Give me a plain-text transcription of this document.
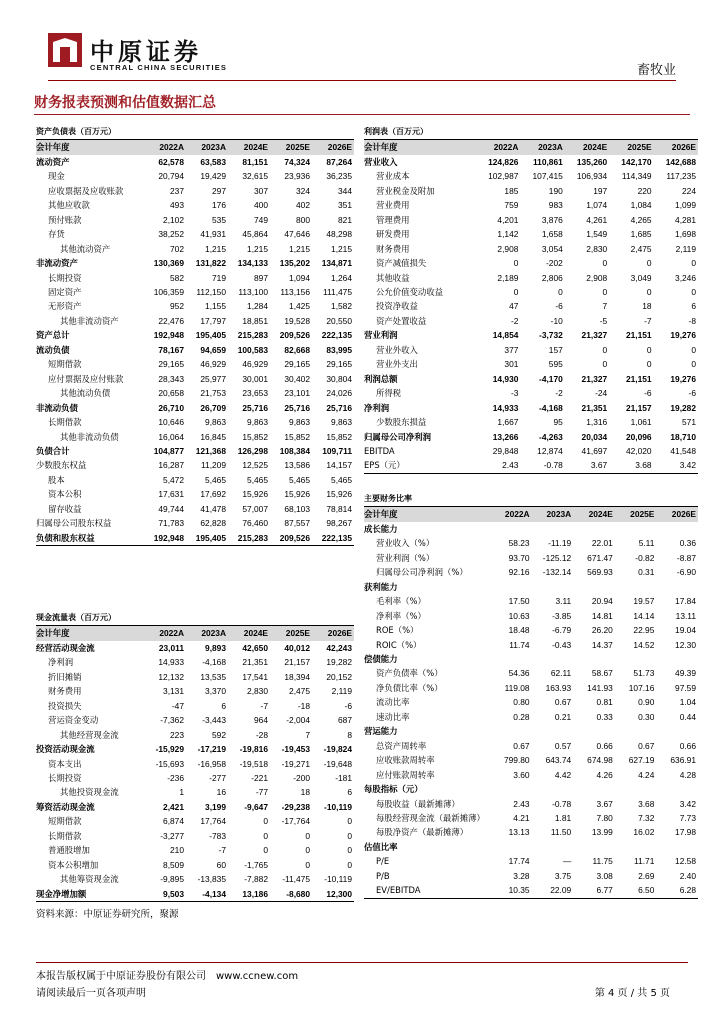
中原证券
CENTRAL CHINA SECURITIES	畜牧业
财务报表预测和估值数据汇总
资产负债表（百万元）					
会计年度	2022A	2023A	2024E	2025E	2026E
流动资产	62,578	63,583	81,151	74,324	87,264
现金	20,794	19,429	32,615	23,936	36,235
应收票据及应收账款	237	297	307	324	344
其他应收款	493	176	400	402	351
预付账款	2,102	535	749	800	821
存货	38,252	41,931	45,864	47,646	48,298
其他流动资产	702	1,215	1,215	1,215	1,215
非流动资产	130,369	131,822	134,133	135,202	134,871
长期投资	582	719	897	1,094	1,264
固定资产	106,359	112,150	113,100	113,156	111,475
无形资产	952	1,155	1,284	1,425	1,582
其他非流动资产	22,476	17,797	18,851	19,528	20,550
资产总计	192,948	195,405	215,283	209,526	222,135
流动负债	78,167	94,659	100,583	82,668	83,995
短期借款	29,165	46,929	46,929	29,165	29,165
应付票据及应付账款	28,343	25,977	30,001	30,402	30,804
其他流动负债	20,658	21,753	23,653	23,101	24,026
非流动负债	26,710	26,709	25,716	25,716	25,716
长期借款	10,646	9,863	9,863	9,863	9,863
其他非流动负债	16,064	16,845	15,852	15,852	15,852
负债合计	104,877	121,368	126,298	108,384	109,711
少数股东权益	16,287	11,209	12,525	13,586	14,157
股本	5,472	5,465	5,465	5,465	5,465
资本公积	17,631	17,692	15,926	15,926	15,926
留存收益	49,744	41,478	57,007	68,103	78,814
归属母公司股东权益	71,783	62,828	76,460	87,557	98,267
负债和股东权益	192,948	195,405	215,283	209,526	222,135
现金流量表（百万元）					
会计年度	2022A	2023A	2024E	2025E	2026E
经营活动现金流	23,011	9,893	42,650	40,012	42,243
净利润	14,933	-4,168	21,351	21,157	19,282
折旧摊销	12,132	13,535	17,541	18,394	20,152
财务费用	3,131	3,370	2,830	2,475	2,119
投资损失	-47	6	-7	-18	-6
营运资金变动	-7,362	-3,443	964	-2,004	687
其他经营现金流	223	592	-28	7	8
投资活动现金流	-15,929	-17,219	-19,816	-19,453	-19,824
资本支出	-15,693	-16,958	-19,518	-19,271	-19,648
长期投资	-236	-277	-221	-200	-181
其他投资现金流	1	16	-77	18	6
筹资活动现金流	2,421	3,199	-9,647	-29,238	-10,119
短期借款	6,874	17,764	0	-17,764	0
长期借款	-3,277	-783	0	0	0
普通股增加	210	-7	0	0	0
资本公积增加	8,509	60	-1,765	0	0
其他筹资现金流	-9,895	-13,835	-7,882	-11,475	-10,119
现金净增加额	9,503	-4,134	13,186	-8,680	12,300
利润表（百万元）					
会计年度	2022A	2023A	2024E	2025E	2026E
营业收入	124,826	110,861	135,260	142,170	142,688
营业成本	102,987	107,415	106,934	114,349	117,235
营业税金及附加	185	190	197	220	224
营业费用	759	983	1,074	1,084	1,099
管理费用	4,201	3,876	4,261	4,265	4,281
研发费用	1,142	1,658	1,549	1,685	1,698
财务费用	2,908	3,054	2,830	2,475	2,119
资产减值损失	0	-202	0	0	0
其他收益	2,189	2,806	2,908	3,049	3,246
公允价值变动收益	0	0	0	0	0
投资净收益	47	-6	7	18	6
资产处置收益	-2	-10	-5	-7	-8
营业利润	14,854	-3,732	21,327	21,151	19,276
营业外收入	377	157	0	0	0
营业外支出	301	595	0	0	0
利润总额	14,930	-4,170	21,327	21,151	19,276
所得税	-3	-2	-24	-6	-6
净利润	14,933	-4,168	21,351	21,157	19,282
少数股东损益	1,667	95	1,316	1,061	571
归属母公司净利润	13,266	-4,263	20,034	20,096	18,710
EBITDA	29,848	12,874	41,697	42,020	41,548
EPS（元）	2.43	-0.78	3.67	3.68	3.42
主要财务比率					
会计年度	2022A	2023A	2024E	2025E	2026E
成长能力					
营业收入（%）	58.23	-11.19	22.01	5.11	0.36
营业利润（%）	93.70	-125.12	671.47	-0.82	-8.87
归属母公司净利润（%）	92.16	-132.14	569.93	0.31	-6.90
获利能力					
毛利率（%）	17.50	3.11	20.94	19.57	17.84
净利率（%）	10.63	-3.85	14.81	14.14	13.11
ROE（%）	18.48	-6.79	26.20	22.95	19.04
ROIC（%）	11.74	-0.43	14.37	14.52	12.30
偿债能力					
资产负债率（%）	54.36	62.11	58.67	51.73	49.39
净负债比率（%）	119.08	163.93	141.93	107.16	97.59
流动比率	0.80	0.67	0.81	0.90	1.04
速动比率	0.28	0.21	0.33	0.30	0.44
营运能力					
总资产周转率	0.67	0.57	0.66	0.67	0.66
应收账款周转率	799.80	643.74	674.98	627.19	636.91
应付账款周转率	3.60	4.42	4.26	4.24	4.28
每股指标（元）					
每股收益（最新摊薄）	2.43	-0.78	3.67	3.68	3.42
每股经营现金流（最新摊薄）	4.21	1.81	7.80	7.32	7.73
每股净资产（最新摊薄）	13.13	11.50	13.99	16.02	17.98
估值比率					
P/E	17.74	—	11.75	11.71	12.58
P/B	3.28	3.75	3.08	2.69	2.40
EV/EBITDA	10.35	22.09	6.77	6.50	6.28
资料来源：中原证券研究所，聚源
本报告版权属于中原证券股份有限公司　www.ccnew.com
请阅读最后一页各项声明	第 4 页 / 共 5 页
